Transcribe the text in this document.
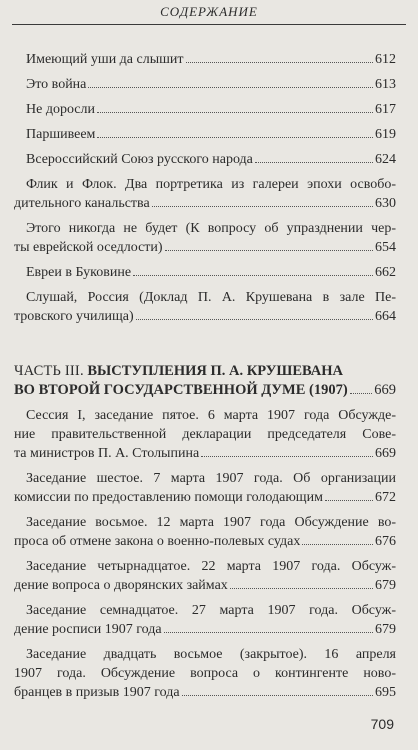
СОДЕРЖАНИЕ
Имеющий уши да слышит	612
Это война	613
Не доросли	617
Паршивеем	619
Всероссийский Союз русского народа	624
Флик и Флок. Два портретика из галереи эпохи освобо-
дительного канальства	630
Этого никогда не будет (К вопросу об упразднении чер-
ты еврейской оседлости)	654
Евреи в Буковине	662
Слушай, Россия (Доклад П. А. Крушевана в зале Пе-
тровского училища)	664
ЧАСТЬ III.
ВЫСТУПЛЕНИЯ П. А. КРУШЕВАНА
ВО ВТОРОЙ ГОСУДАРСТВЕННОЙ ДУМЕ (1907) 669
Сессия I, заседание пятое. 6 марта 1907 года Обсужде-
ние правительственной декларации председателя Сове-
та министров П. А. Столыпина	669
Заседание шестое. 7 марта 1907 года. Об организации
комиссии по предоставлению помощи голодающим	672
Заседание восьмое. 12 марта 1907 года Обсуждение во-
проса об отмене закона о военно-полевых судах	676
Заседание четырнадцатое. 22 марта 1907 года. Обсуж-
дение вопроса о дворянских займах	679
Заседание семнадцатое. 27 марта 1907 года. Обсуж-
дение росписи 1907 года	679
Заседание двадцать восьмое (закрытое). 16 апреля
1907 года. Обсуждение вопроса о контингенте ново-
бранцев в призыв 1907 года	695
709
